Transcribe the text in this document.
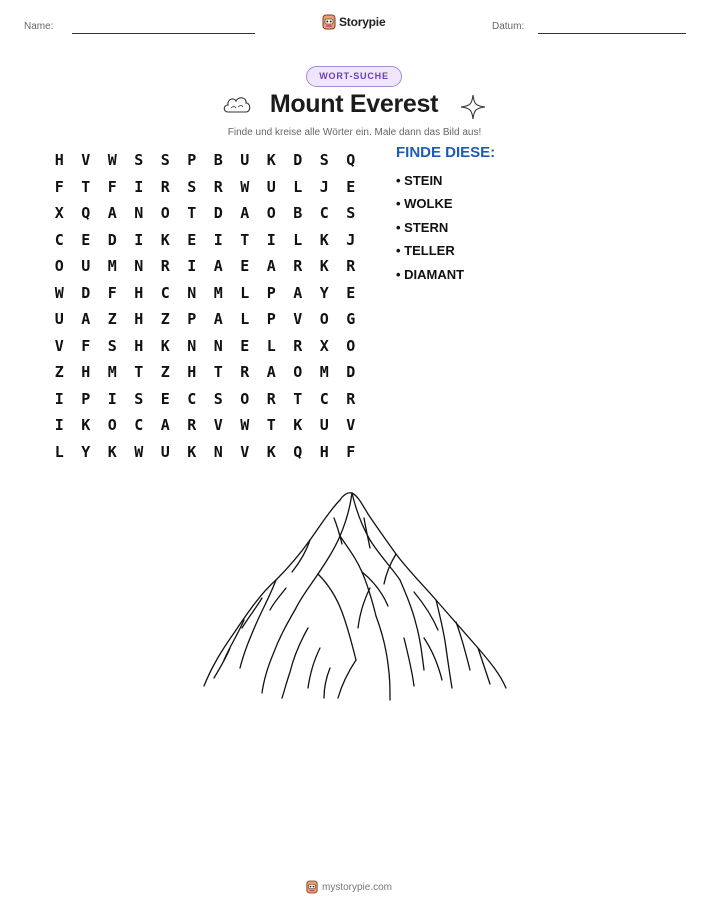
Name:	Storypie	Datum:
WORT-SUCHE
Mount Everest
Finde und kreise alle Wörter ein. Male dann das Bild aus!
H	V	W	S	S	P	B	U	K	D	S	Q
F	T	F	I	R	S	R	W	U	L	J	E
X	Q	A	N	O	T	D	A	O	B	C	S
C	E	D	I	K	E	I	T	I	L	K	J
O	U	M	N	R	I	A	E	A	R	K	R
W	D	F	H	C	N	M	L	P	A	Y	E
U	A	Z	H	Z	P	A	L	P	V	O	G
V	F	S	H	K	N	N	E	L	R	X	O
Z	H	M	T	Z	H	T	R	A	O	M	D
I	P	I	S	E	C	S	O	R	T	C	R
I	K	O	C	A	R	V	W	T	K	U	V
L	Y	K	W	U	K	N	V	K	Q	H	F
FINDE DIESE:
• STEIN
• WOLKE
• STERN
• TELLER
• DIAMANT
mystorypie.com
